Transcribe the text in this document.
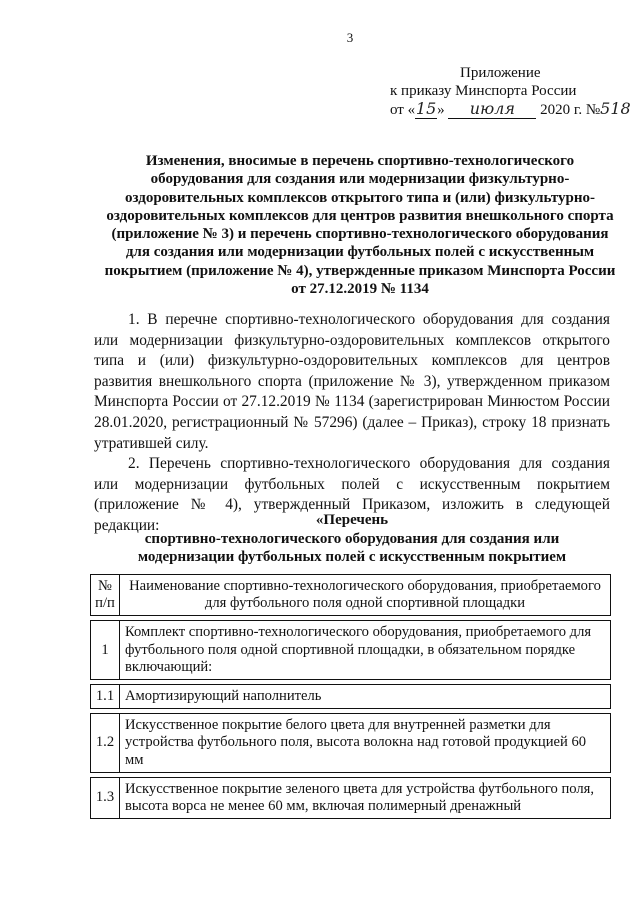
3
Приложение
к приказу Минспорта России
от «15» июля 2020 г. №518
Изменения, вносимые в перечень спортивно-технологического оборудования для создания или модернизации физкультурно-оздоровительных комплексов открытого типа и (или) физкультурно-оздоровительных комплексов для центров развития внешкольного спорта (приложение № 3) и перечень спортивно-технологического оборудования для создания или модернизации футбольных полей с искусственным покрытием (приложение № 4), утвержденные приказом Минспорта России от 27.12.2019 № 1134

1. В перечне спортивно-технологического оборудования для создания или модернизации физкультурно-оздоровительных комплексов открытого типа и (или) физкультурно-оздоровительных комплексов для центров развития внешкольного спорта (приложение № 3), утвержденном приказом Минспорта России от 27.12.2019 № 1134 (зарегистрирован Минюстом России 28.01.2020, регистрационный № 57296) (далее – Приказ), строку 18 признать утратившей силу.

2. Перечень спортивно-технологического оборудования для создания или модернизации футбольных полей с искусственным покрытием (приложение № 4), утвержденный Приказом, изложить в следующей редакции:	«Перечень
спортивно-технологического оборудования для создания или
модернизации футбольных полей с искусственным покрытием
№ п/п	Наименование спортивно-технологического оборудования, приобретаемого для футбольного поля одной спортивной площадки

1	Комплект спортивно-технологического оборудования, приобретаемого для футбольного поля одной спортивной площадки, в обязательном порядке включающий:

1.1	Амортизирующий наполнитель

1.2	Искусственное покрытие белого цвета для внутренней разметки для устройства футбольного поля, высота волокна над готовой продукцией 60 мм

1.3	Искусственное покрытие зеленого цвета для устройства футбольного поля, высота ворса не менее 60 мм, включая полимерный дренажный
